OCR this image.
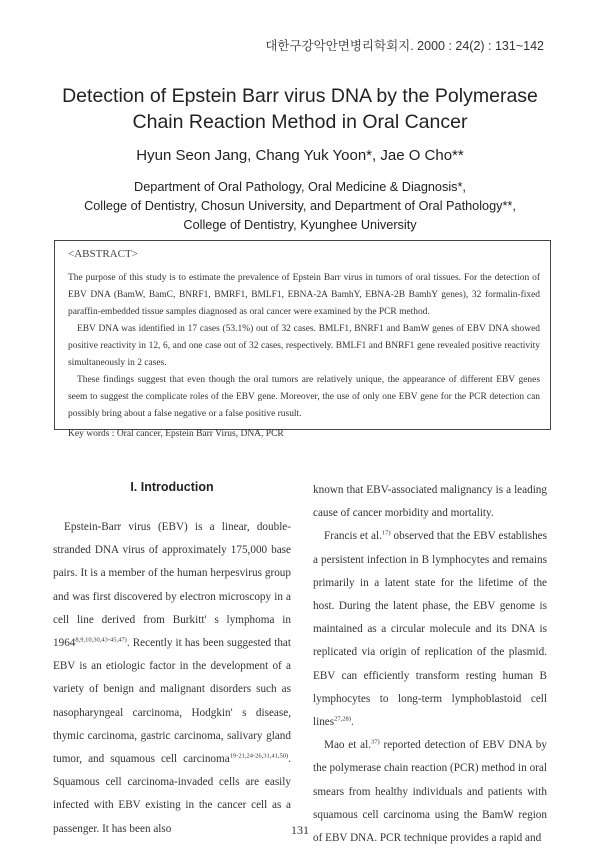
대한구강악안면병리학회지. 2000 : 24(2) : 131~142
Detection of Epstein Barr virus DNA by the Polymerase
Chain Reaction Method in Oral Cancer
Hyun Seon Jang, Chang Yuk Yoon*, Jae O Cho**
Department of Oral Pathology, Oral Medicine & Diagnosis*,
College of Dentistry, Chosun University, and Department of Oral Pathology**,
College of Dentistry, Kyunghee University
<ABSTRACT>

The purpose of this study is to estimate the prevalence of Epstein Barr virus in tumors of oral tissues. For the detection of EBV DNA (BamW, BamC, BNRF1, BMRF1, BMLF1, EBNA-2A BamhY, EBNA-2B BamhY genes), 32 formalin-fixed paraffin-embedded tissue samples diagnosed as oral cancer were examined by the PCR method.

EBV DNA was identified in 17 cases (53.1%) out of 32 cases. BMLF1, BNRF1 and BamW genes of EBV DNA showed positive reactivity in 12, 6, and one case out of 32 cases, respectively. BMLF1 and BNRF1 gene revealed positive reactivity simultaneously in 2 cases.

These findings suggest that even though the oral tumors are relatively unique, the appearance of different EBV genes seem to suggest the complicate roles of the EBV gene. Moreover, the use of only one EBV gene for the PCR detection can possibly bring about a false negative or a false positive rusult.

Key words : Oral cancer, Epstein Barr Virus, DNA, PCR
I. Introduction

Epstein-Barr virus (EBV) is a linear, double-stranded DNA virus of approximately 175,000 base pairs. It is a member of the human herpesvirus group and was first discovered by electron microscopy in a cell line derived from Burkitt' s lymphoma in 1964$^{8,9,10,30,43-45,47)}$. Recently it has been suggested that EBV is an etiologic factor in the development of a variety of benign and malignant disorders such as nasopharyngeal carcinoma, Hodgkin' s disease, thymic carcinoma, gastric carcinoma, salivary gland tumor, and squamous cell carcinoma$^{19-21,24-26,31,41,50)}$. Squamous cell carcinoma-invaded cells are easily infected with EBV existing in the cancer cell as a passenger. It has been also

known that EBV-associated malignancy is a leading cause of cancer morbidity and mortality.

Francis et al.$^{17)}$ observed that the EBV establishes a persistent infection in B lymphocytes and remains primarily in a latent state for the lifetime of the host. During the latent phase, the EBV genome is maintained as a circular molecule and its DNA is replicated via origin of replication of the plasmid. EBV can efficiently transform resting human B lymphocytes to long-term lymphoblastoid cell lines$^{27,28)}$.

Mao et al.$^{37)}$ reported detection of EBV DNA by the polymerase chain reaction (PCR) method in oral smears from healthy individuals and patients with squamous cell carcinoma using the BamW region of EBV DNA. PCR technique provides a rapid and

131
